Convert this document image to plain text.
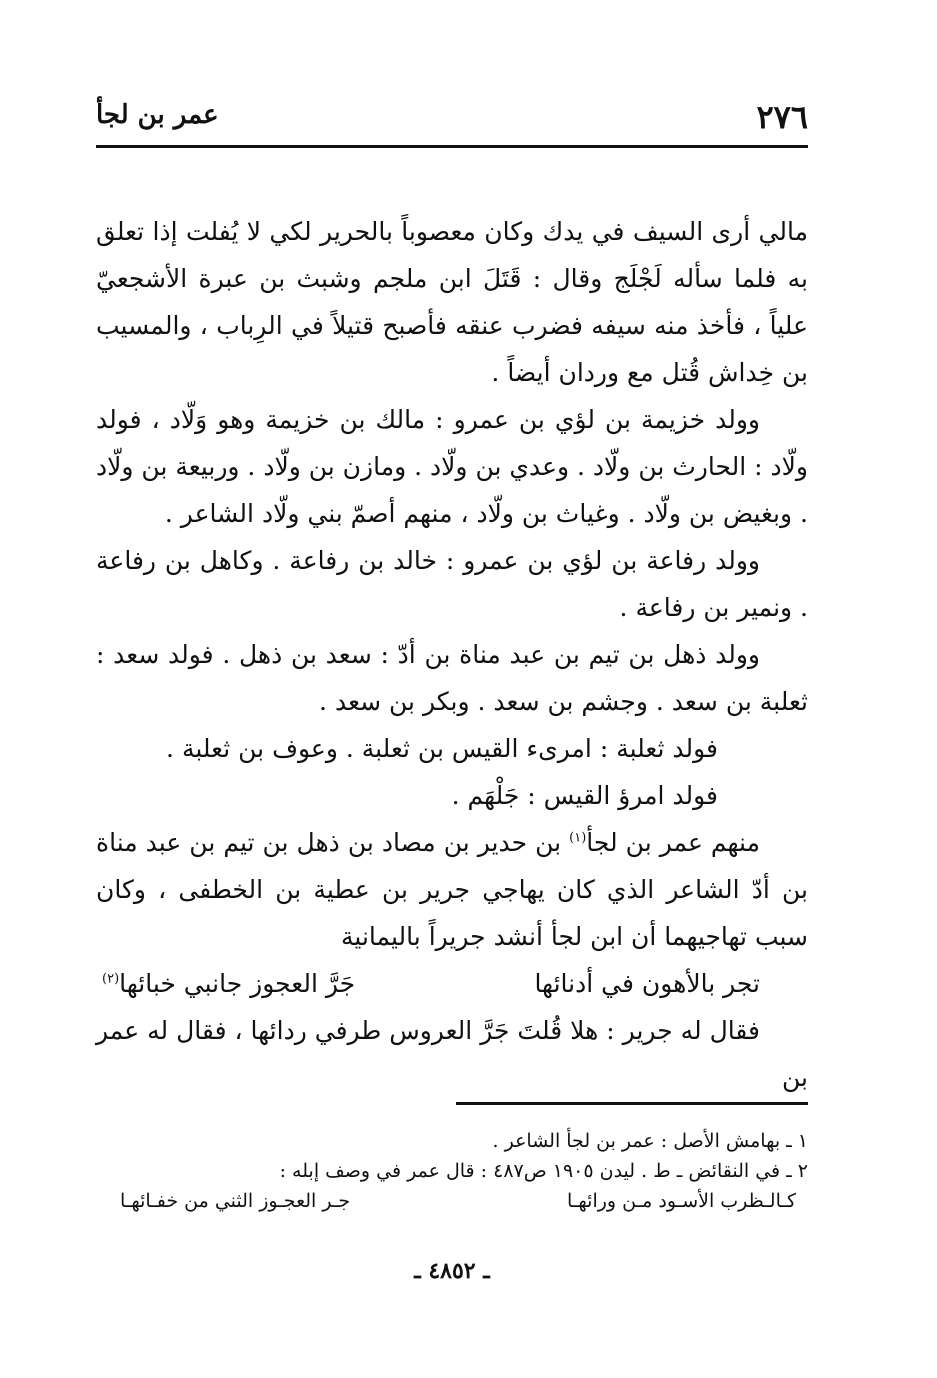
٢٧٦
عمر بن لجأ

مالي أرى السيف في يدك وكان معصوباً بالحرير لكي لا يُفلت إذا تعلق به فلما سأله لَجْلَج وقال : قَتَلَ ابن ملجم وشبث بن عبرة الأشجعيّ علياً ، فأخذ منه سيفه فضرب عنقه فأصبح قتيلاً في الرِباب ، والمسيب بن خِداش قُتل مع وردان أيضاً .

وولد خزيمة بن لؤي بن عمرو : مالك بن خزيمة وهو وَلّاد ، فولد ولّاد : الحارث بن ولّاد . وعدي بن ولّاد . ومازن بن ولّاد . وربيعة بن ولّاد . وبغيض بن ولّاد . وغياث بن ولّاد ، منهم أصمّ بني ولّاد الشاعر .

وولد رفاعة بن لؤي بن عمرو : خالد بن رفاعة . وكاهل بن رفاعة . ونمير بن رفاعة .

وولد ذهل بن تيم بن عبد مناة بن أدّ : سعد بن ذهل . فولد سعد : ثعلبة بن سعد . وجشم بن سعد . وبكر بن سعد .

فولد ثعلبة : امرىء القيس بن ثعلبة . وعوف بن ثعلبة .

فولد امرؤ القيس : جَلْهَم .

منهم عمر بن لجأ$^{(١)}$ بن حدير بن مصاد بن ذهل بن تيم بن عبد مناة بن أدّ الشاعر الذي كان يهاجي جرير بن عطية بن الخطفى ، وكان سبب تهاجيهما أن ابن لجأ أنشد جريراً باليمانية

تجر بالأهون في أدنائها
جَرَّ العجوز جانبي خبائها$^{(٢)}$

فقال له جرير : هلا قُلتَ جَرَّ العروس طرفي ردائها ، فقال له عمر بن

١ ـ بهامش الأصل : عمر بن لجأ الشاعر .

٢ ـ في النقائض ـ ط . ليدن ١٩٠٥ ص٤٨٧ : قال عمر في وصف إبله :

كـالـظرب الأسـود مـن ورائهـا
جـر العجـوز الثني من خفـائهـا
ـ ٤٨٥٢ ـ
